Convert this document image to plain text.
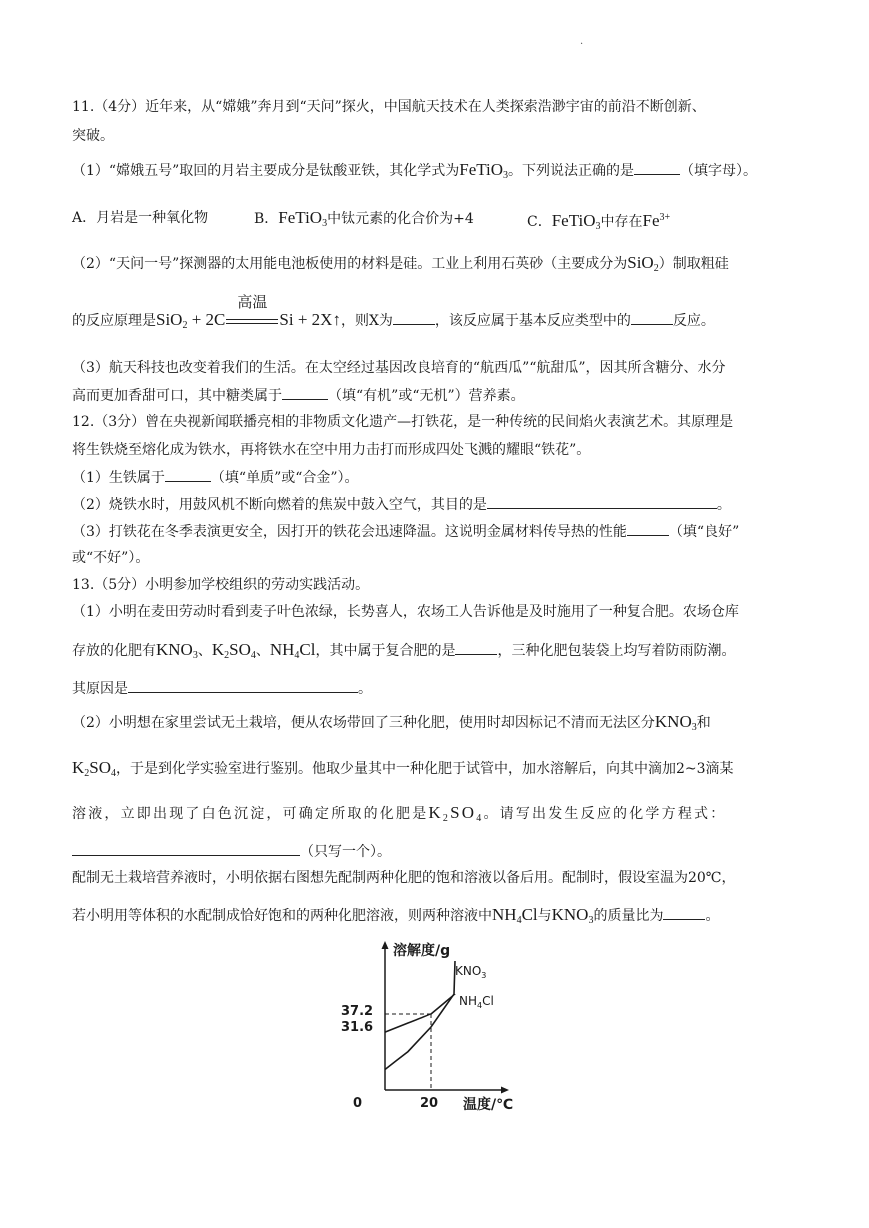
.
11.（4分）近年来，从“嫦娥”奔月到“天问”探火，中国航天技术在人类探索浩渺宇宙的前沿不断创新、
突破。
（1）“嫦娥五号”取回的月岩主要成分是钛酸亚铁，其化学式为FeTiO$_3$。下列说法正确的是	（填字母）。
A．月岩是一种氧化物	B．FeTiO$_3$中钛元素的化合价为+4	C．FeTiO$_3$中存在$Fe^{3+}$
（2）“天问一号”探测器的太用能电池板使用的材料是硅。工业上利用石英砂（主要成分为SiO$_2$）制取粗硅
的反应原理是SiO$_2$ + 2C
高温
Si + 2X↑，则X为	，该反应属于基本反应类型中的	反应。
（3）航天科技也改变着我们的生活。在太空经过基因改良培育的“航西瓜”“航甜瓜”，因其所含糖分、水分
高而更加香甜可口，其中糖类属于	（填“有机”或“无机”）营养素。
12.（3分）曾在央视新闻联播亮相的非物质文化遗产—打铁花，是一种传统的民间焰火表演艺术。其原理是
将生铁烧至熔化成为铁水，再将铁水在空中用力击打而形成四处飞溅的耀眼“铁花”。
（1）生铁属于	（填“单质”或“合金”）。
（2）烧铁水时，用鼓风机不断向燃着的焦炭中鼓入空气，其目的是	。
（3）打铁花在冬季表演更安全，因打开的铁花会迅速降温。这说明金属材料传导热的性能	（填“良好”
或“不好”）。
13.（5分）小明参加学校组织的劳动实践活动。
（1）小明在麦田劳动时看到麦子叶色浓绿，长势喜人，农场工人告诉他是及时施用了一种复合肥。农场仓库
存放的化肥有$KNO_3$、$K_2SO_4$、$NH_4Cl$，其中属于复合肥的是	，三种化肥包装袋上均写着防雨防潮。
其原因是	。
（2）小明想在家里尝试无土栽培，便从农场带回了三种化肥，使用时却因标记不清而无法区分$KNO_3$和
$K_2SO_4$，于是到化学实验室进行鉴别。他取少量其中一种化肥于试管中，加水溶解后，向其中滴加2~3滴某
溶液，立即出现了白色沉淀，可确定所取的化肥是$K_2SO_4$。请写出发生反应的化学方程式：
（只写一个）。
配制无土栽培营养液时，小明依据右图想先配制两种化肥的饱和溶液以备后用。配制时，假设室温为20℃，
若小明用等体积的水配制成恰好饱和的两种化肥溶液，则两种溶液中$NH_4Cl$与$KNO_3$的质量比为	。
溶解度/g
温度/℃
0	20
37.2
31.6
$KNO_3$
$NH_4Cl$
